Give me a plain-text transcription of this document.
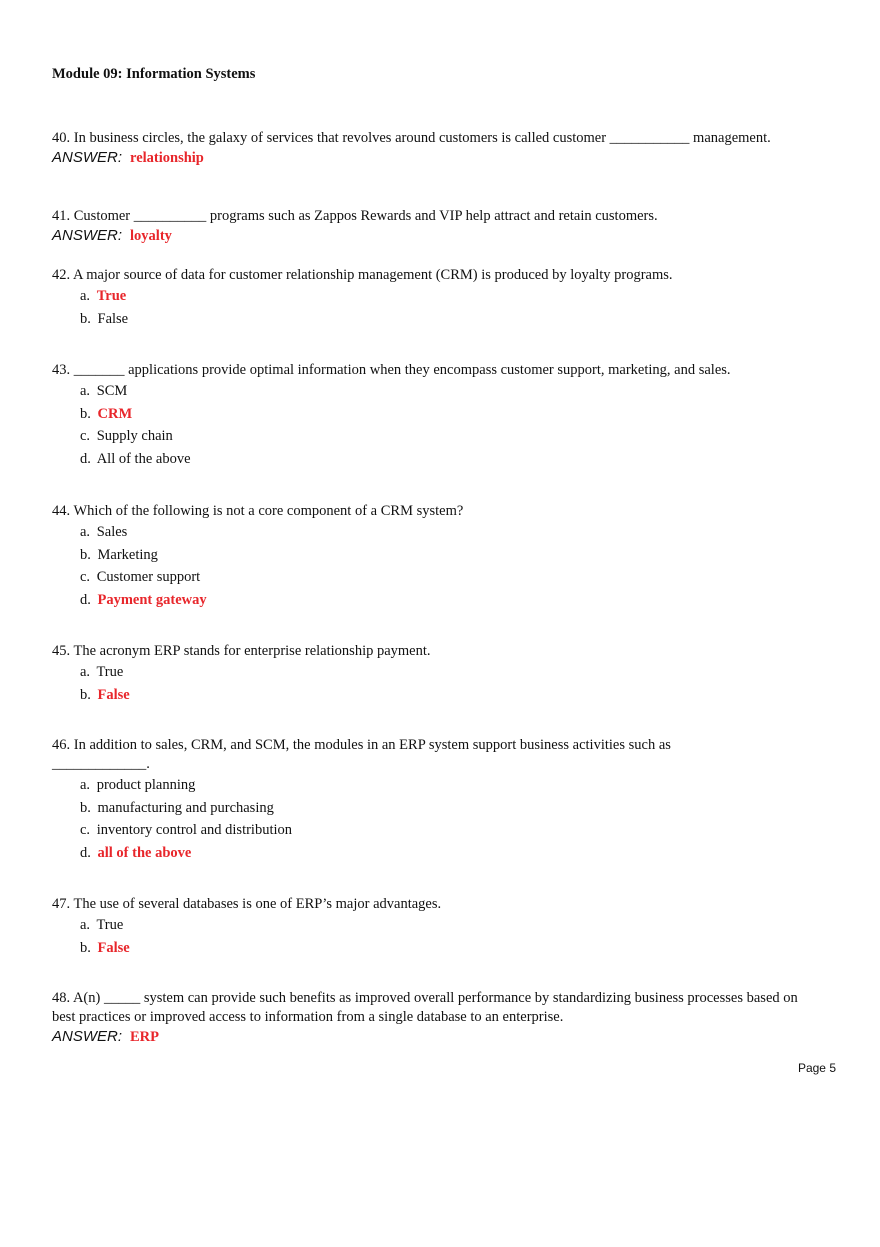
Module 09: Information Systems
40. In business circles, the galaxy of services that revolves around customers is called customer ___________ management.
ANSWER: relationship
41. Customer __________ programs such as Zappos Rewards and VIP help attract and retain customers.
ANSWER: loyalty
42. A major source of data for customer relationship management (CRM) is produced by loyalty programs.
a. True
b. False
43. _______ applications provide optimal information when they encompass customer support, marketing, and sales.
a. SCM
b. CRM
c. Supply chain
d. All of the above
44. Which of the following is not a core component of a CRM system?
a. Sales
b. Marketing
c. Customer support
d. Payment gateway
45. The acronym ERP stands for enterprise relationship payment.
a. True
b. False
46. In addition to sales, CRM, and SCM, the modules in an ERP system support business activities such as _____________.
a. product planning
b. manufacturing and purchasing
c. inventory control and distribution
d. all of the above
47. The use of several databases is one of ERP’s major advantages.
a. True
b. False
48. A(n) _____ system can provide such benefits as improved overall performance by standardizing business processes based on best practices or improved access to information from a single database to an enterprise.
ANSWER: ERP
Page 5
